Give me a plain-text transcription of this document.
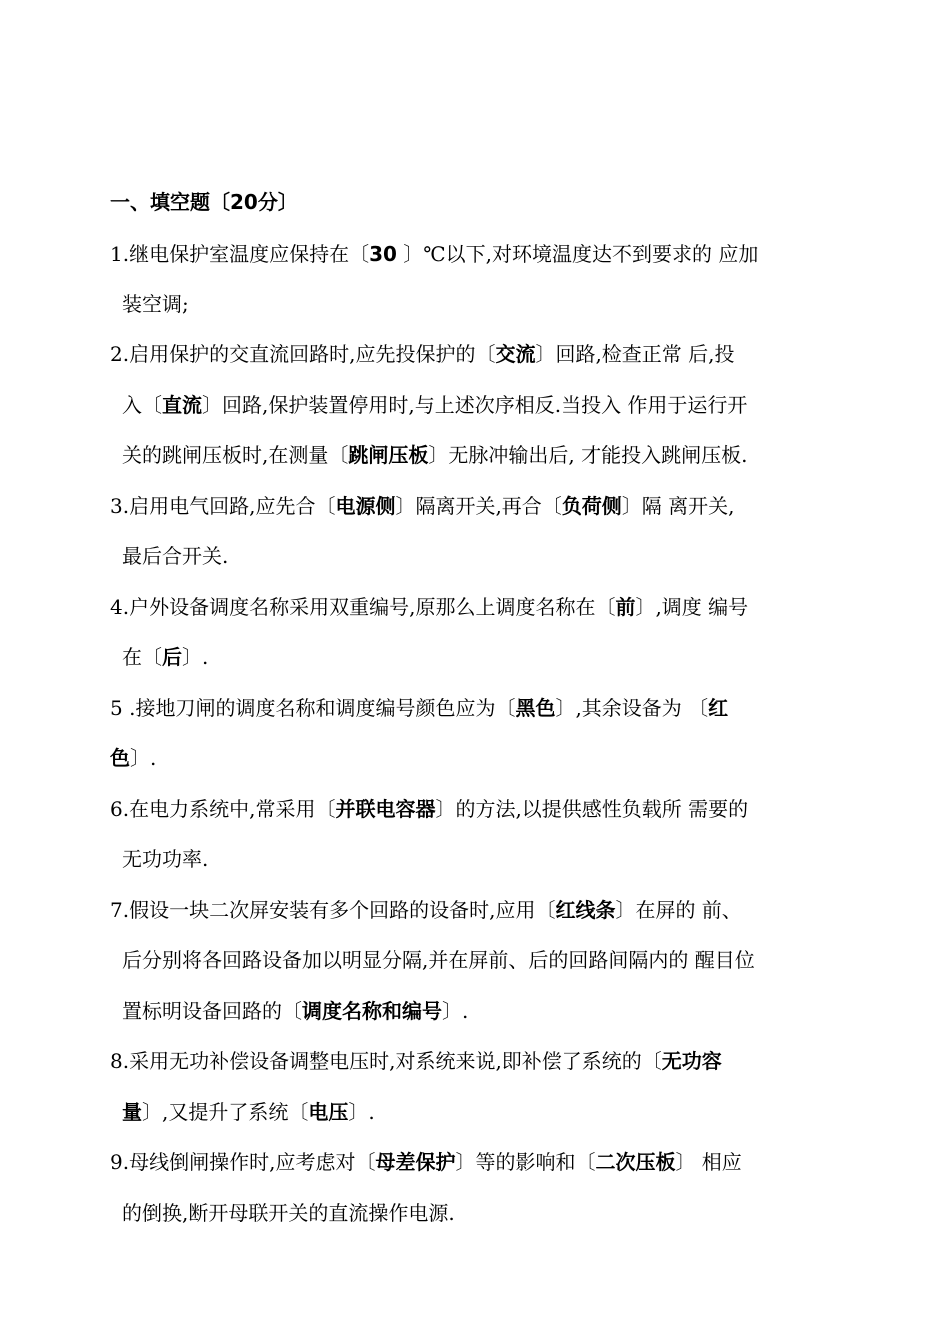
一、填空题〔20分〕
1.继电保护室温度应保持在〔30 〕℃以下,对环境温度达不到要求的 应加
装空调;
2.启用保护的交直流回路时,应先投保护的〔交流〕回路,检查正常 后,投
入〔直流〕回路,保护装置停用时,与上述次序相反.当投入 作用于运行开
关的跳闸压板时,在测量〔跳闸压板〕无脉冲输出后, 才能投入跳闸压板.
3.启用电气回路,应先合〔电源侧〕隔离开关,再合〔负荷侧〕隔 离开关,
最后合开关.
4.户外设备调度名称采用双重编号,原那么上调度名称在〔前〕,调度 编号
在〔后〕.
5 .接地刀闸的调度名称和调度编号颜色应为〔黑色〕,其余设备为 〔红
色〕.
6.在电力系统中,常采用〔并联电容器〕的方法,以提供感性负载所 需要的
无功功率.
7.假设一块二次屏安装有多个回路的设备时,应用〔红线条〕在屏的 前、
后分别将各回路设备加以明显分隔,并在屏前、后的回路间隔内的 醒目位
置标明设备回路的〔调度名称和编号〕.
8.采用无功补偿设备调整电压时,对系统来说,即补偿了系统的〔无功容
量〕,又提升了系统〔电压〕.
9.母线倒闸操作时,应考虑对〔母差保护〕等的影响和〔二次压板〕 相应
的倒换,断开母联开关的直流操作电源.
